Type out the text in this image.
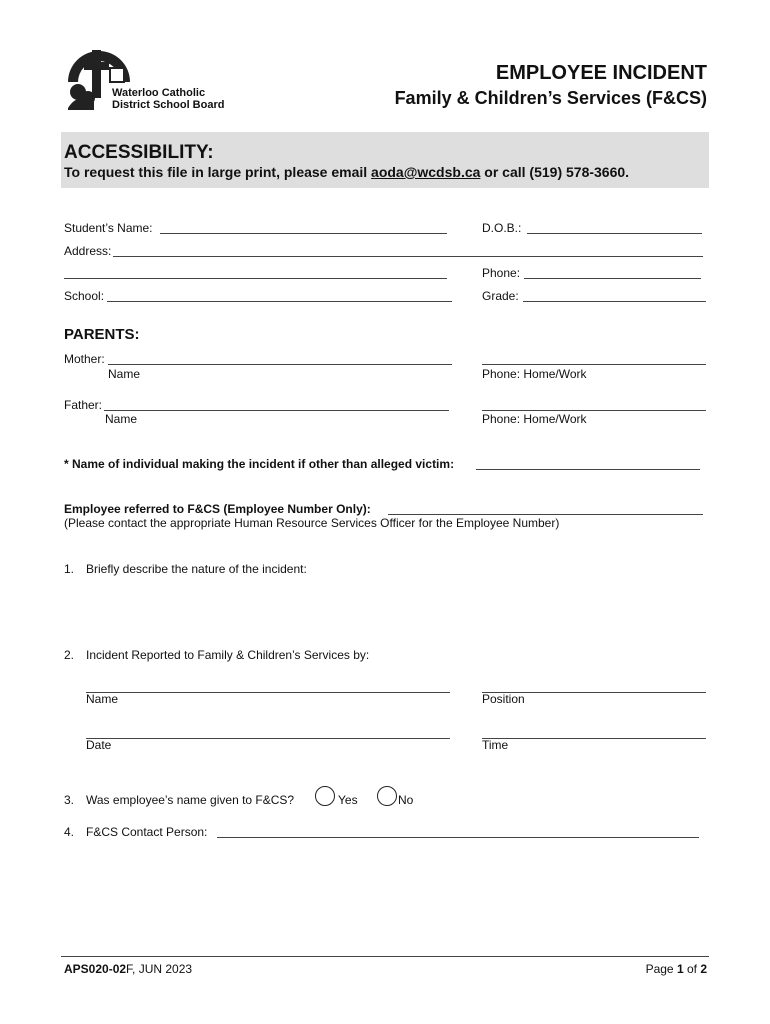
Waterloo Catholic
District School Board
EMPLOYEE INCIDENT
Family & Children’s Services (F&CS)
ACCESSIBILITY:
To request this file in large print, please email aoda@wcdsb.ca or call (519) 578-3660.
Student’s Name:	D.O.B.:
Address:
Phone:
School:	Grade:
PARENTS:
Mother:
Name	Phone: Home/Work
Father:
Name	Phone: Home/Work
* Name of individual making the incident if other than alleged victim:
Employee referred to F&CS (Employee Number Only):
(Please contact the appropriate Human Resource Services Officer for the Employee Number)
1. Briefly describe the nature of the incident:
2. Incident Reported to Family & Children’s Services by:
Name	Position
Date	Time
3. Was employee’s name given to F&CS?	Yes	No
4. F&CS Contact Person:
APS020-02F, JUN 2023	Page 1 of 2
